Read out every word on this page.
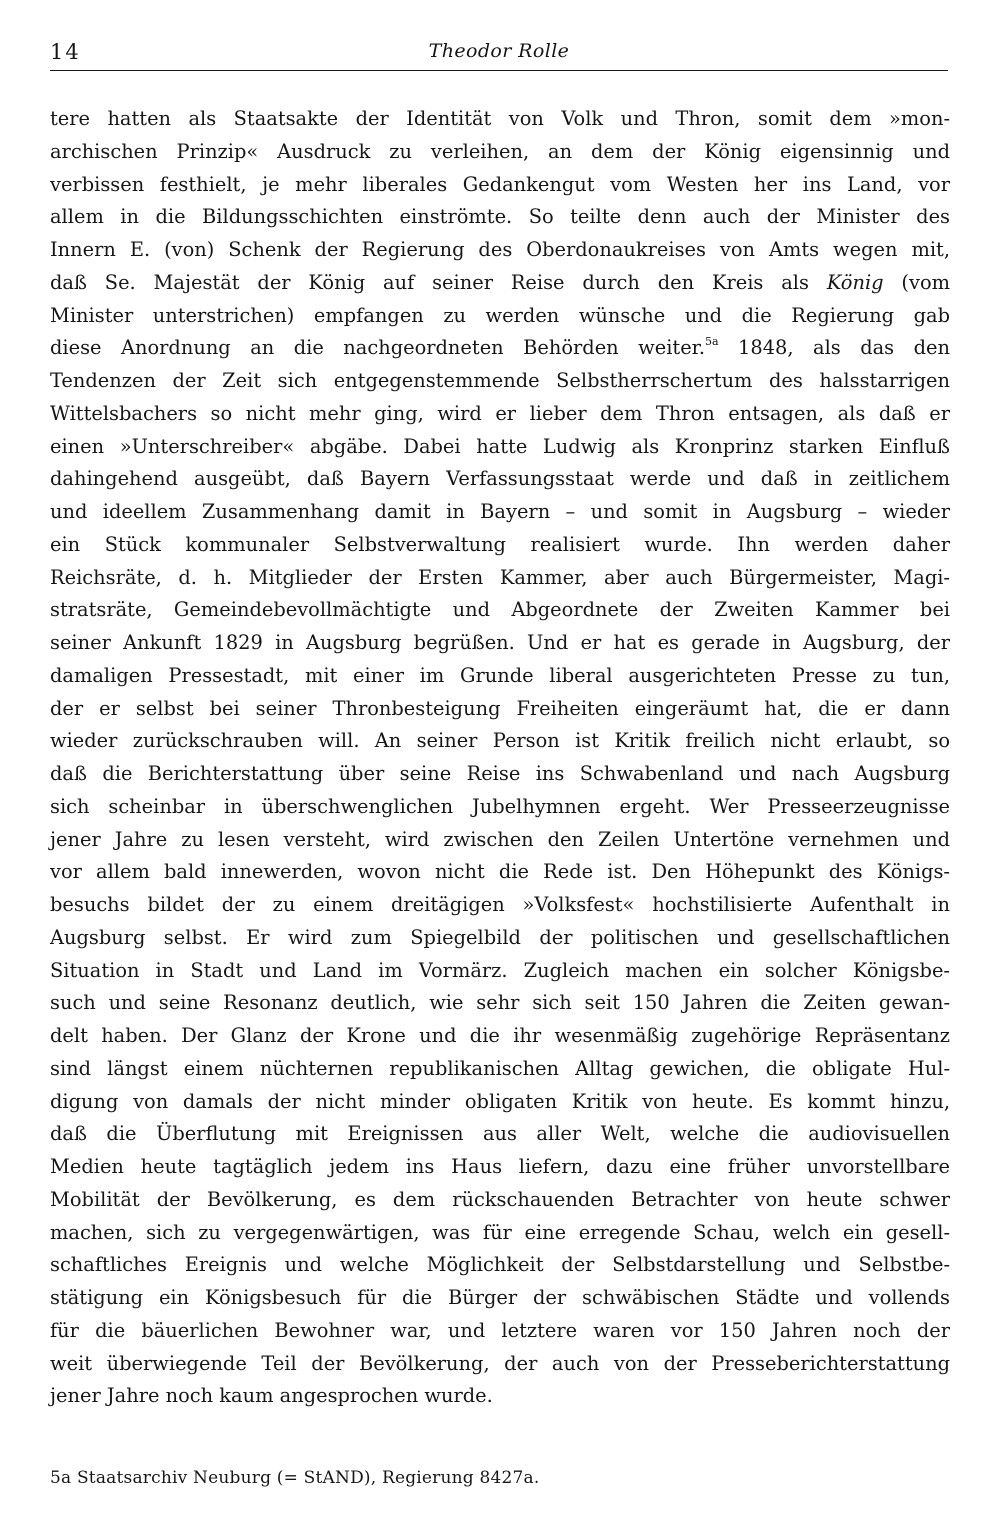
14	Theodor Rolle
tere hatten als Staatsakte der Identität von Volk und Thron, somit dem »mon-
archischen Prinzip« Ausdruck zu verleihen, an dem der König eigensinnig und
verbissen festhielt, je mehr liberales Gedankengut vom Westen her ins Land, vor
allem in die Bildungsschichten einströmte. So teilte denn auch der Minister des
Innern E. (von) Schenk der Regierung des Oberdonaukreises von Amts wegen mit,
daß Se. Majestät der König auf seiner Reise durch den Kreis als König (vom
Minister unterstrichen) empfangen zu werden wünsche und die Regierung gab
diese Anordnung an die nachgeordneten Behörden weiter.$^{5a}$ 1848, als das den
Tendenzen der Zeit sich entgegenstemmende Selbstherrschertum des halsstarrigen
Wittelsbachers so nicht mehr ging, wird er lieber dem Thron entsagen, als daß er
einen »Unterschreiber« abgäbe. Dabei hatte Ludwig als Kronprinz starken Einfluß
dahingehend ausgeübt, daß Bayern Verfassungsstaat werde und daß in zeitlichem
und ideellem Zusammenhang damit in Bayern – und somit in Augsburg – wieder
ein Stück kommunaler Selbstverwaltung realisiert wurde. Ihn werden daher
Reichsräte, d. h. Mitglieder der Ersten Kammer, aber auch Bürgermeister, Magi-
stratsräte, Gemeindebevollmächtigte und Abgeordnete der Zweiten Kammer bei
seiner Ankunft 1829 in Augsburg begrüßen. Und er hat es gerade in Augsburg, der
damaligen Pressestadt, mit einer im Grunde liberal ausgerichteten Presse zu tun,
der er selbst bei seiner Thronbesteigung Freiheiten eingeräumt hat, die er dann
wieder zurückschrauben will. An seiner Person ist Kritik freilich nicht erlaubt, so
daß die Berichterstattung über seine Reise ins Schwabenland und nach Augsburg
sich scheinbar in überschwenglichen Jubelhymnen ergeht. Wer Presseerzeugnisse
jener Jahre zu lesen versteht, wird zwischen den Zeilen Untertöne vernehmen und
vor allem bald innewerden, wovon nicht die Rede ist. Den Höhepunkt des Königs-
besuchs bildet der zu einem dreitägigen »Volksfest« hochstilisierte Aufenthalt in
Augsburg selbst. Er wird zum Spiegelbild der politischen und gesellschaftlichen
Situation in Stadt und Land im Vormärz. Zugleich machen ein solcher Königsbe-
such und seine Resonanz deutlich, wie sehr sich seit 150 Jahren die Zeiten gewan-
delt haben. Der Glanz der Krone und die ihr wesenmäßig zugehörige Repräsentanz
sind längst einem nüchternen republikanischen Alltag gewichen, die obligate Hul-
digung von damals der nicht minder obligaten Kritik von heute. Es kommt hinzu,
daß die Überflutung mit Ereignissen aus aller Welt, welche die audiovisuellen
Medien heute tagtäglich jedem ins Haus liefern, dazu eine früher unvorstellbare
Mobilität der Bevölkerung, es dem rückschauenden Betrachter von heute schwer
machen, sich zu vergegenwärtigen, was für eine erregende Schau, welch ein gesell-
schaftliches Ereignis und welche Möglichkeit der Selbstdarstellung und Selbstbe-
stätigung ein Königsbesuch für die Bürger der schwäbischen Städte und vollends
für die bäuerlichen Bewohner war, und letztere waren vor 150 Jahren noch der
weit überwiegende Teil der Bevölkerung, der auch von der Presseberichterstattung
jener Jahre noch kaum angesprochen wurde.
5a Staatsarchiv Neuburg (= StAND), Regierung 8427a.
